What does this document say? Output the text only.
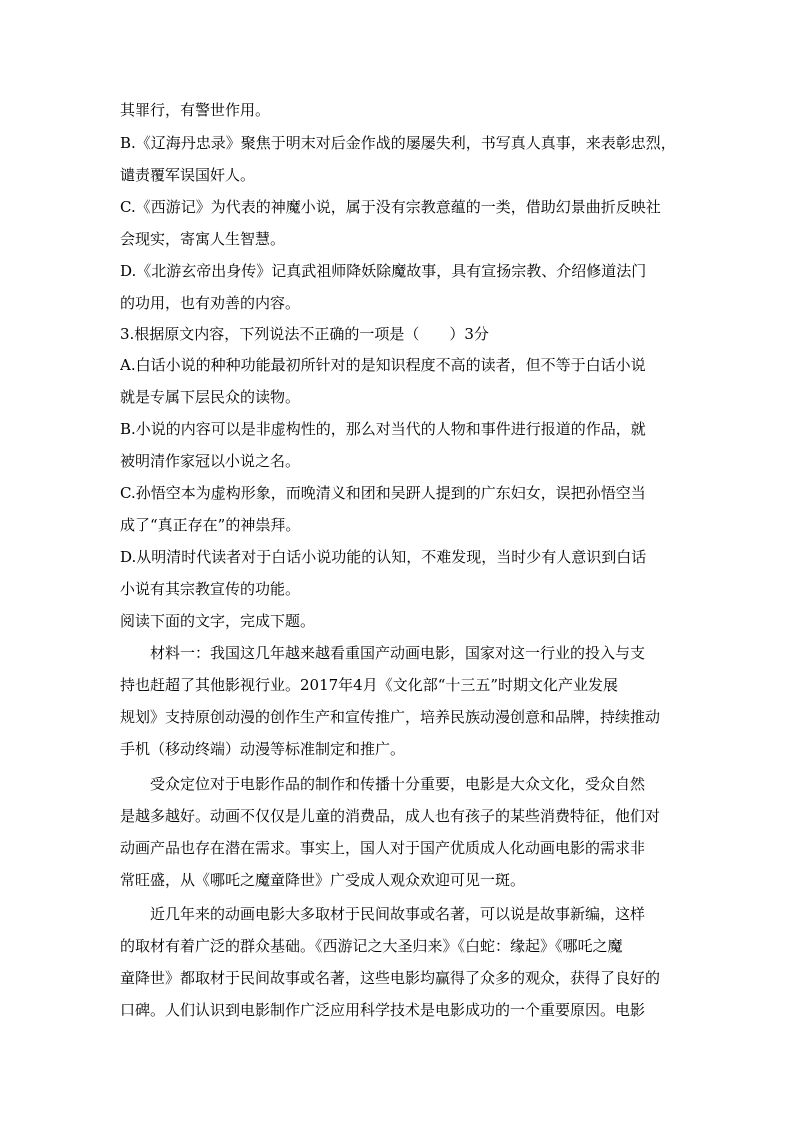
其罪行，有警世作用。
B.《辽海丹忠录》聚焦于明末对后金作战的屡屡失利，书写真人真事，来表彰忠烈，
谴责覆军误国奸人。
C.《西游记》为代表的神魔小说，属于没有宗教意蕴的一类，借助幻景曲折反映社
会现实，寄寓人生智慧。
D.《北游玄帝出身传》记真武祖师降妖除魔故事，具有宣扬宗教、介绍修道法门
的功用，也有劝善的内容。
3.根据原文内容，下列说法不正确的一项是（　　）3分
A.白话小说的种种功能最初所针对的是知识程度不高的读者，但不等于白话小说
就是专属下层民众的读物。
B.小说的内容可以是非虚构性的，那么对当代的人物和事件进行报道的作品，就
被明清作家冠以小说之名。
C.孙悟空本为虚构形象，而晚清义和团和吴趼人提到的广东妇女，误把孙悟空当
成了“真正存在”的神祟拜。
D.从明清时代读者对于白话小说功能的认知，不难发现，当时少有人意识到白话
小说有其宗教宣传的功能。
阅读下面的文字，完成下题。
材料一：我国这几年越来越看重国产动画电影，国家对这一行业的投入与支
持也赶超了其他影视行业。2017年4月《文化部“十三五”时期文化产业发展
规划》支持原创动漫的创作生产和宣传推广，培养民族动漫创意和品牌，持续推动
手机（移动终端）动漫等标准制定和推广。
受众定位对于电影作品的制作和传播十分重要，电影是大众文化，受众自然
是越多越好。动画不仅仅是儿童的消费品，成人也有孩子的某些消费特征，他们对
动画产品也存在潜在需求。事实上，国人对于国产优质成人化动画电影的需求非
常旺盛，从《哪吒之魔童降世》广受成人观众欢迎可见一斑。
近几年来的动画电影大多取材于民间故事或名著，可以说是故事新编，这样
的取材有着广泛的群众基础。《西游记之大圣归来》《白蛇：缘起》《哪吒之魔
童降世》都取材于民间故事或名著，这些电影均赢得了众多的观众，获得了良好的
口碑。人们认识到电影制作广泛应用科学技术是电影成功的一个重要原因。电影
